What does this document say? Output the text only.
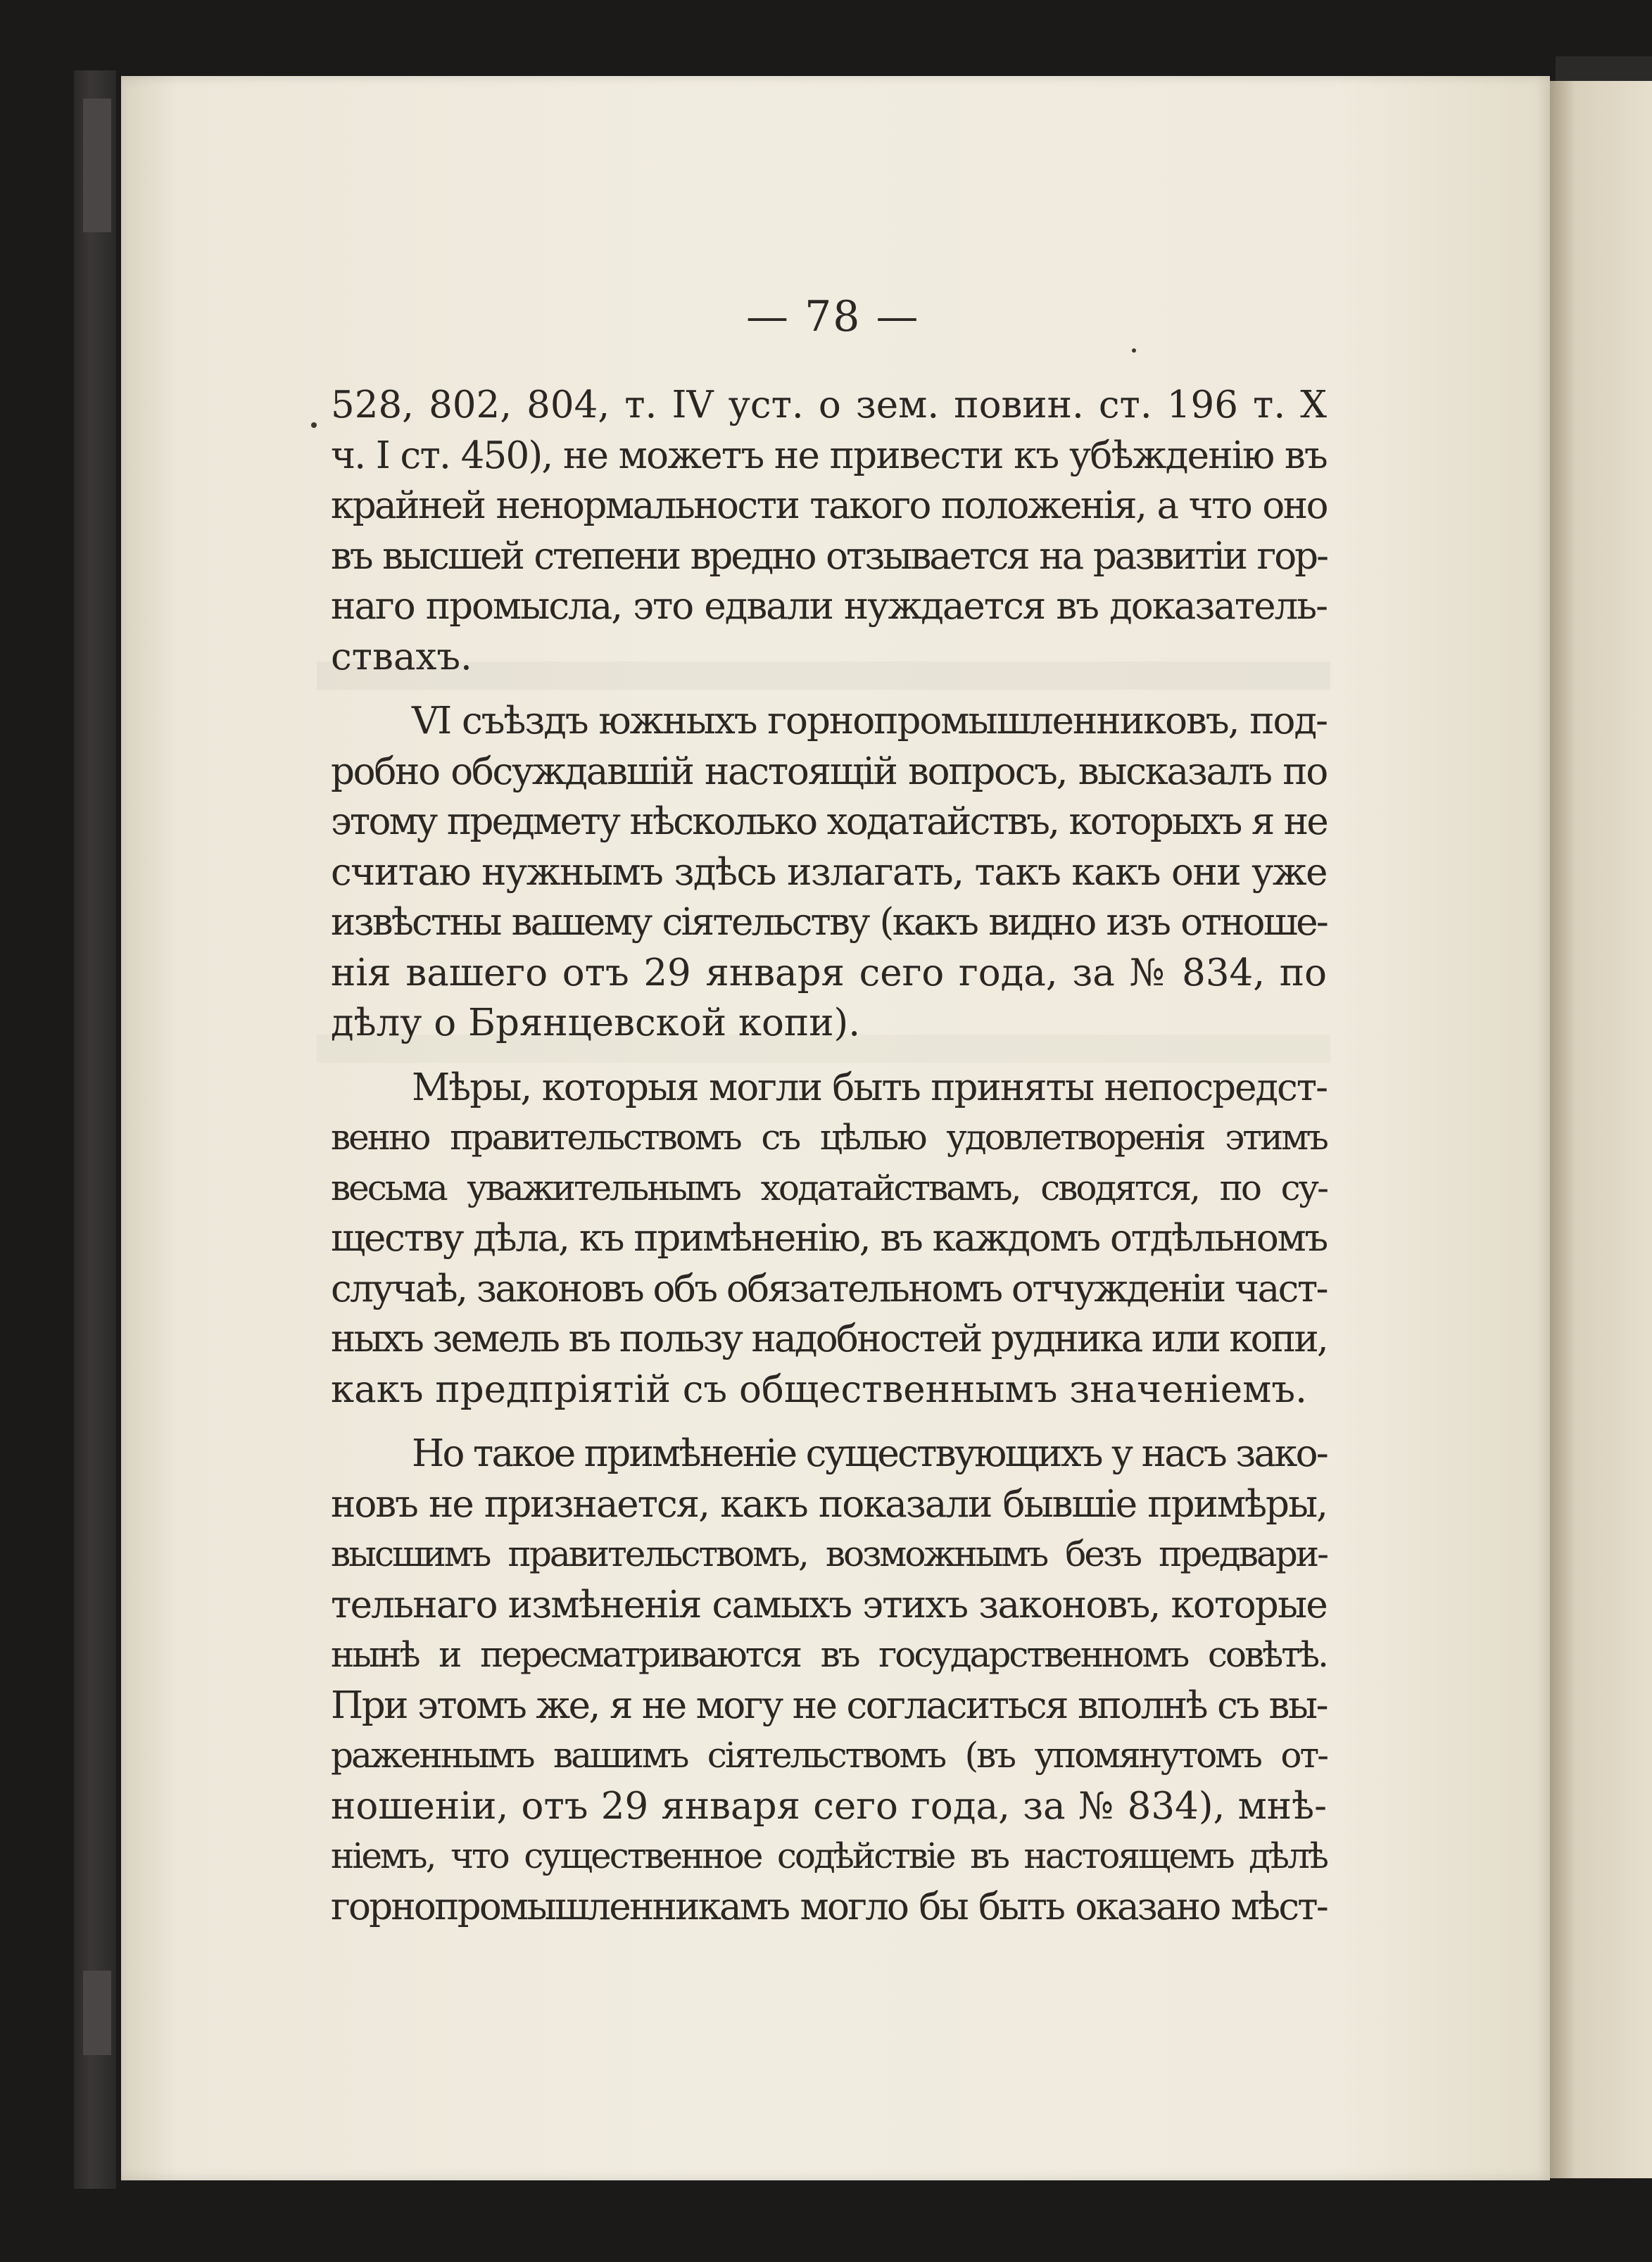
— 78 —
528, 802, 804, т. IV уст. о зем. повин. ст. 196 т. Х
ч. I ст. 450), не можетъ не привести къ убѣжденію въ
крайней ненормальности такого положенія, а что оно
въ высшей степени вредно отзывается на развитіи гор-
наго промысла, это едвали нуждается въ доказатель-
ствахъ.
VI съѣздъ южныхъ горнопромышленниковъ, под-
робно обсуждавшій настоящій вопросъ, высказалъ по
этому предмету нѣсколько ходатайствъ, которыхъ я не
считаю нужнымъ здѣсь излагать, такъ какъ они уже
извѣстны вашему сіятельству (какъ видно изъ отноше-
нія вашего отъ 29 января сего года, за № 834, по
дѣлу о Брянцевской копи).
Мѣры, которыя могли быть приняты непосредст-
венно правительствомъ съ цѣлью удовлетворенія этимъ
весьма уважительнымъ ходатайствамъ, сводятся, по су-
ществу дѣла, къ примѣненію, въ каждомъ отдѣльномъ
случаѣ, законовъ объ обязательномъ отчужденіи част-
ныхъ земель въ пользу надобностей рудника или копи,
какъ предпріятій съ общественнымъ значеніемъ.
Но такое примѣненіе существующихъ у насъ зако-
новъ не признается, какъ показали бывшіе примѣры,
высшимъ правительствомъ, возможнымъ безъ предвари-
тельнаго измѣненія самыхъ этихъ законовъ, которые
нынѣ и пересматриваются въ государственномъ совѣтѣ.
При этомъ же, я не могу не согласиться вполнѣ съ вы-
раженнымъ вашимъ сіятельствомъ (въ упомянутомъ от-
ношеніи, отъ 29 января сего года, за № 834), мнѣ-
ніемъ, что существенное содѣйствіе въ настоящемъ дѣлѣ
горнопромышленникамъ могло бы быть оказано мѣст-
